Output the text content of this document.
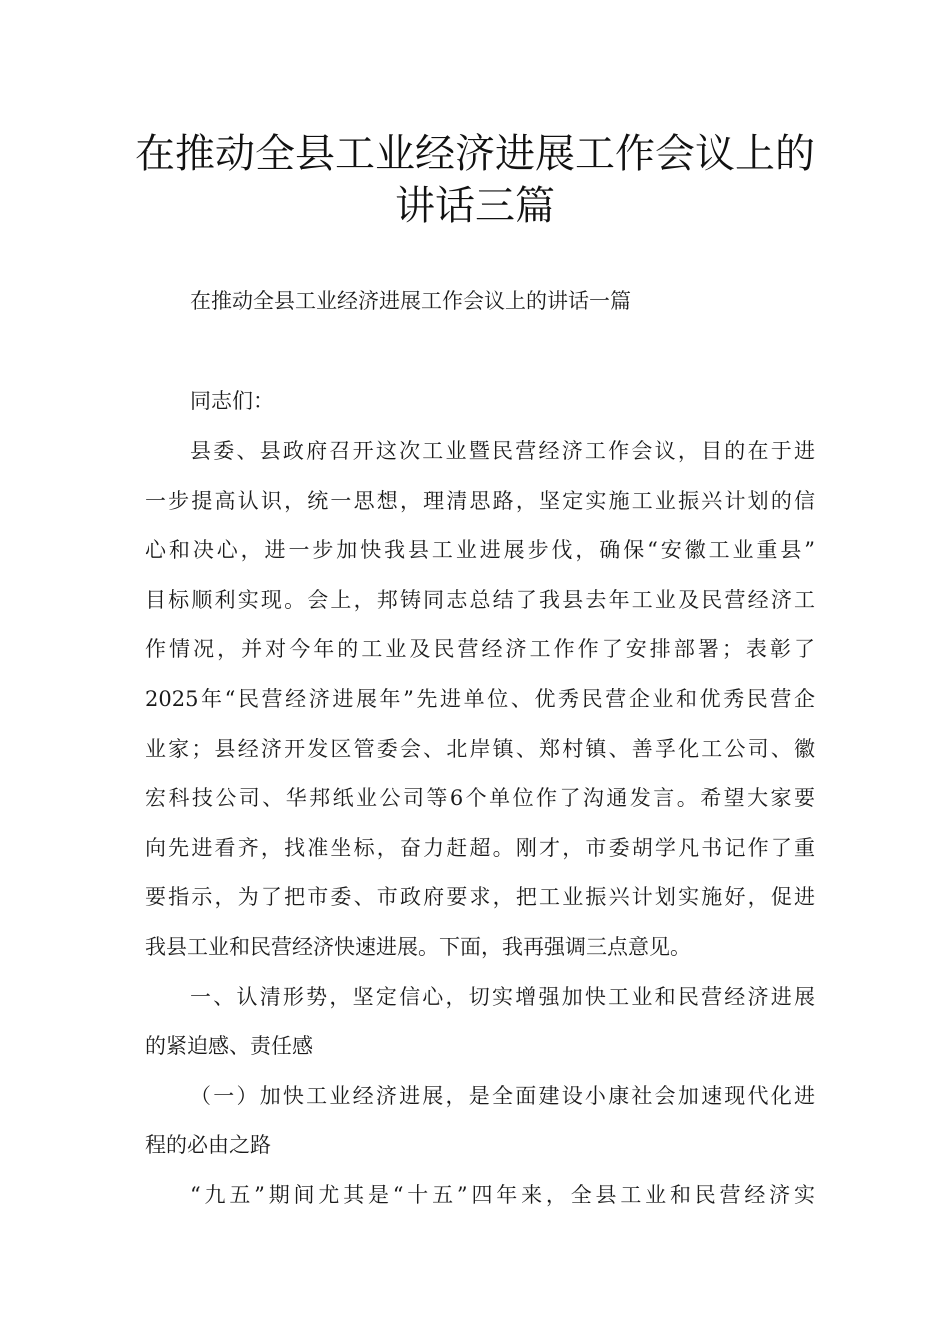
在推动全县工业经济进展工作会议上的
讲话三篇
在推动全县工业经济进展工作会议上的讲话一篇
同志们：
县委、县政府召开这次工业暨民营经济工作会议，目的在于进
一步提高认识，统一思想，理清思路，坚定实施工业振兴计划的信
心和决心，进一步加快我县工业进展步伐，确保“安徽工业重县”
目标顺利实现。会上，邦铸同志总结了我县去年工业及民营经济工
作情况，并对今年的工业及民营经济工作作了安排部署；表彰了
2025年“民营经济进展年”先进单位、优秀民营企业和优秀民营企
业家；县经济开发区管委会、北岸镇、郑村镇、善孚化工公司、徽
宏科技公司、华邦纸业公司等6个单位作了沟通发言。希望大家要
向先进看齐，找准坐标，奋力赶超。刚才，市委胡学凡书记作了重
要指示，为了把市委、市政府要求，把工业振兴计划实施好，促进
我县工业和民营经济快速进展。下面，我再强调三点意见。
一、认清形势，坚定信心，切实增强加快工业和民营经济进展
的紧迫感、责任感
（一）加快工业经济进展，是全面建设小康社会加速现代化进
程的必由之路
“九五”期间尤其是“十五”四年来，全县工业和民营经济实
